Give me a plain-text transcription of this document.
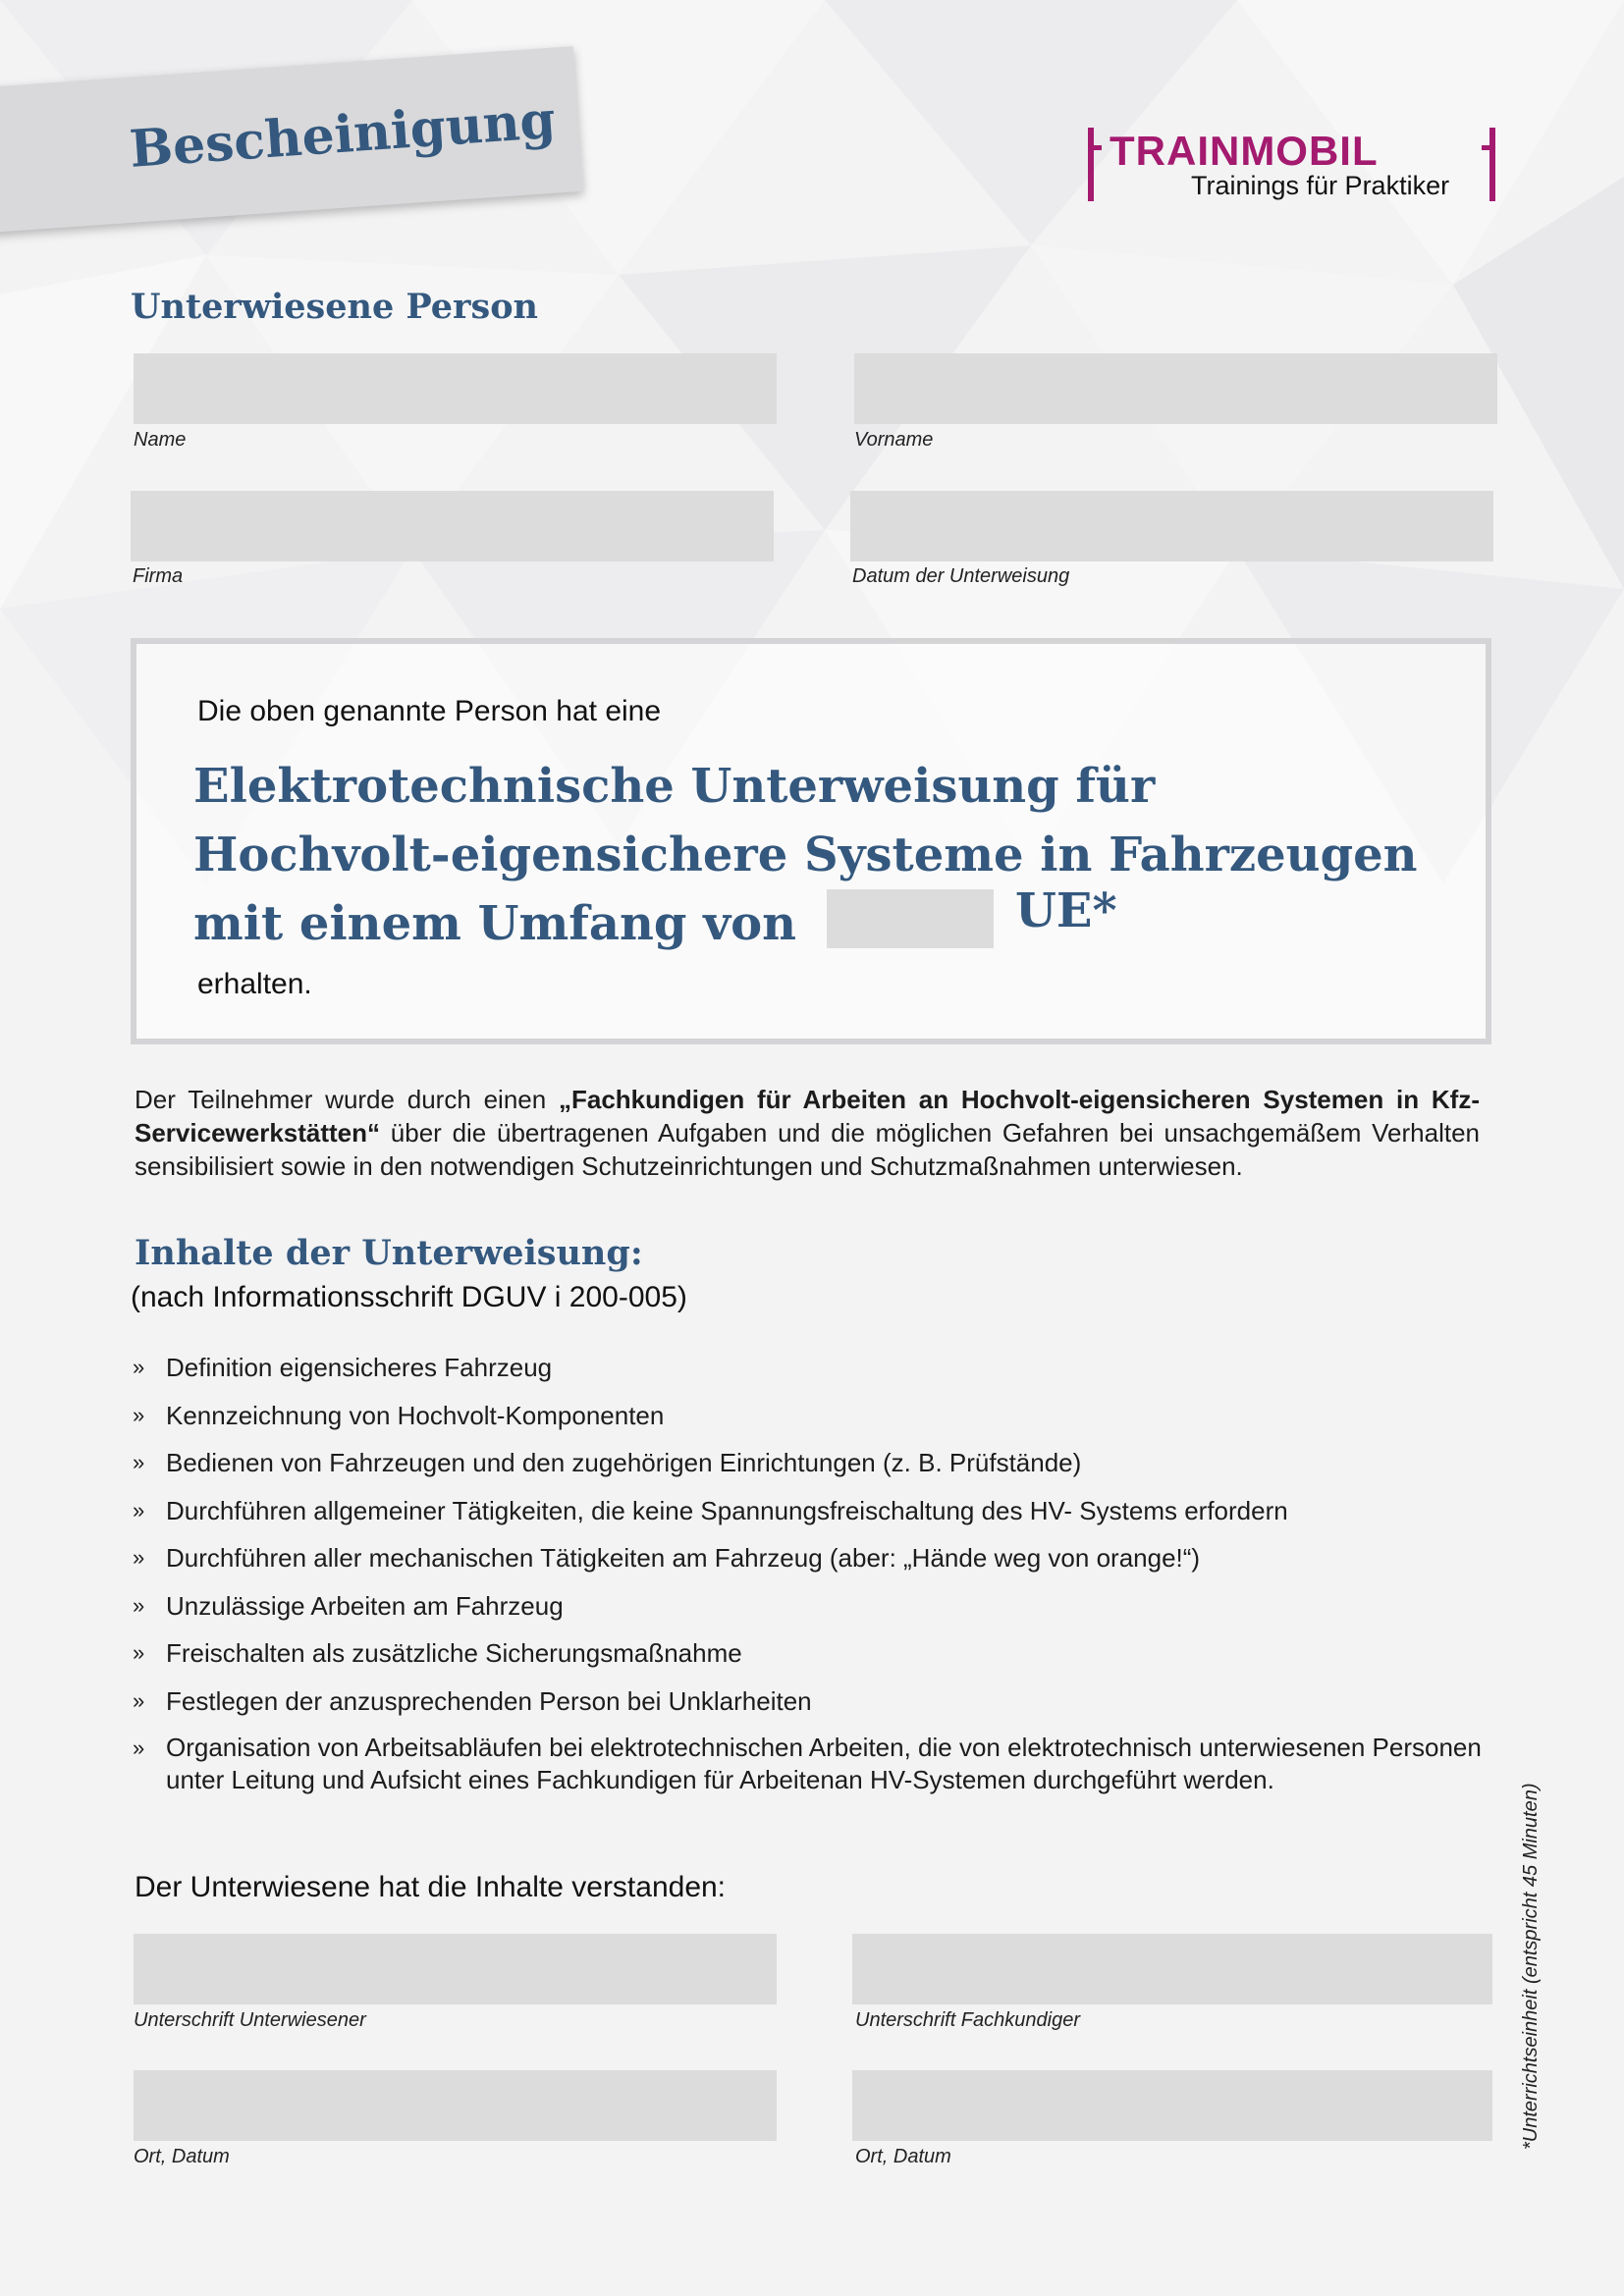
Bescheinigung	TRAINMOBIL
Trainings für Praktiker
Unterwiesene Person
Name	Vorname
Firma	Datum der Unterweisung
Die oben genannte Person hat eine
Elektrotechnische Unterweisung für
Hochvolt-eigensichere Systeme in Fahrzeugen
mit einem Umfang von	UE*
erhalten.
Der Teilnehmer wurde durch einen „Fachkundigen für Arbeiten an Hochvolt-eigensicheren Systemen in Kfz-Servicewerkstätten“ über die übertragenen Aufgaben und die möglichen Gefahren bei unsachgemäßem Verhalten sensibilisiert sowie in den notwendigen Schutzeinrichtungen und Schutzmaßnahmen unterwiesen.
Inhalte der Unterweisung:
(nach Informationsschrift DGUV i 200-005)
» Definition eigensicheres Fahrzeug
» Kennzeichnung von Hochvolt-Komponenten
» Bedienen von Fahrzeugen und den zugehörigen Einrichtungen (z. B. Prüfstände)
» Durchführen allgemeiner Tätigkeiten, die keine Spannungsfreischaltung des HV- Systems erfordern
» Durchführen aller mechanischen Tätigkeiten am Fahrzeug (aber: „Hände weg von orange!“)
» Unzulässige Arbeiten am Fahrzeug
» Freischalten als zusätzliche Sicherungsmaßnahme
» Festlegen der anzusprechenden Person bei Unklarheiten
» Organisation von Arbeitsabläufen bei elektrotechnischen Arbeiten, die von elektrotechnisch unterwiesenen Personen unter Leitung und Aufsicht eines Fachkundigen für Arbeitenan HV-Systemen durchgeführt werden.
Der Unterwiesene hat die Inhalte verstanden:
Unterschrift Unterwiesener	Unterschrift Fachkundiger
Ort, Datum	Ort, Datum
*Unterrichtseinheit (entspricht 45 Minuten)
